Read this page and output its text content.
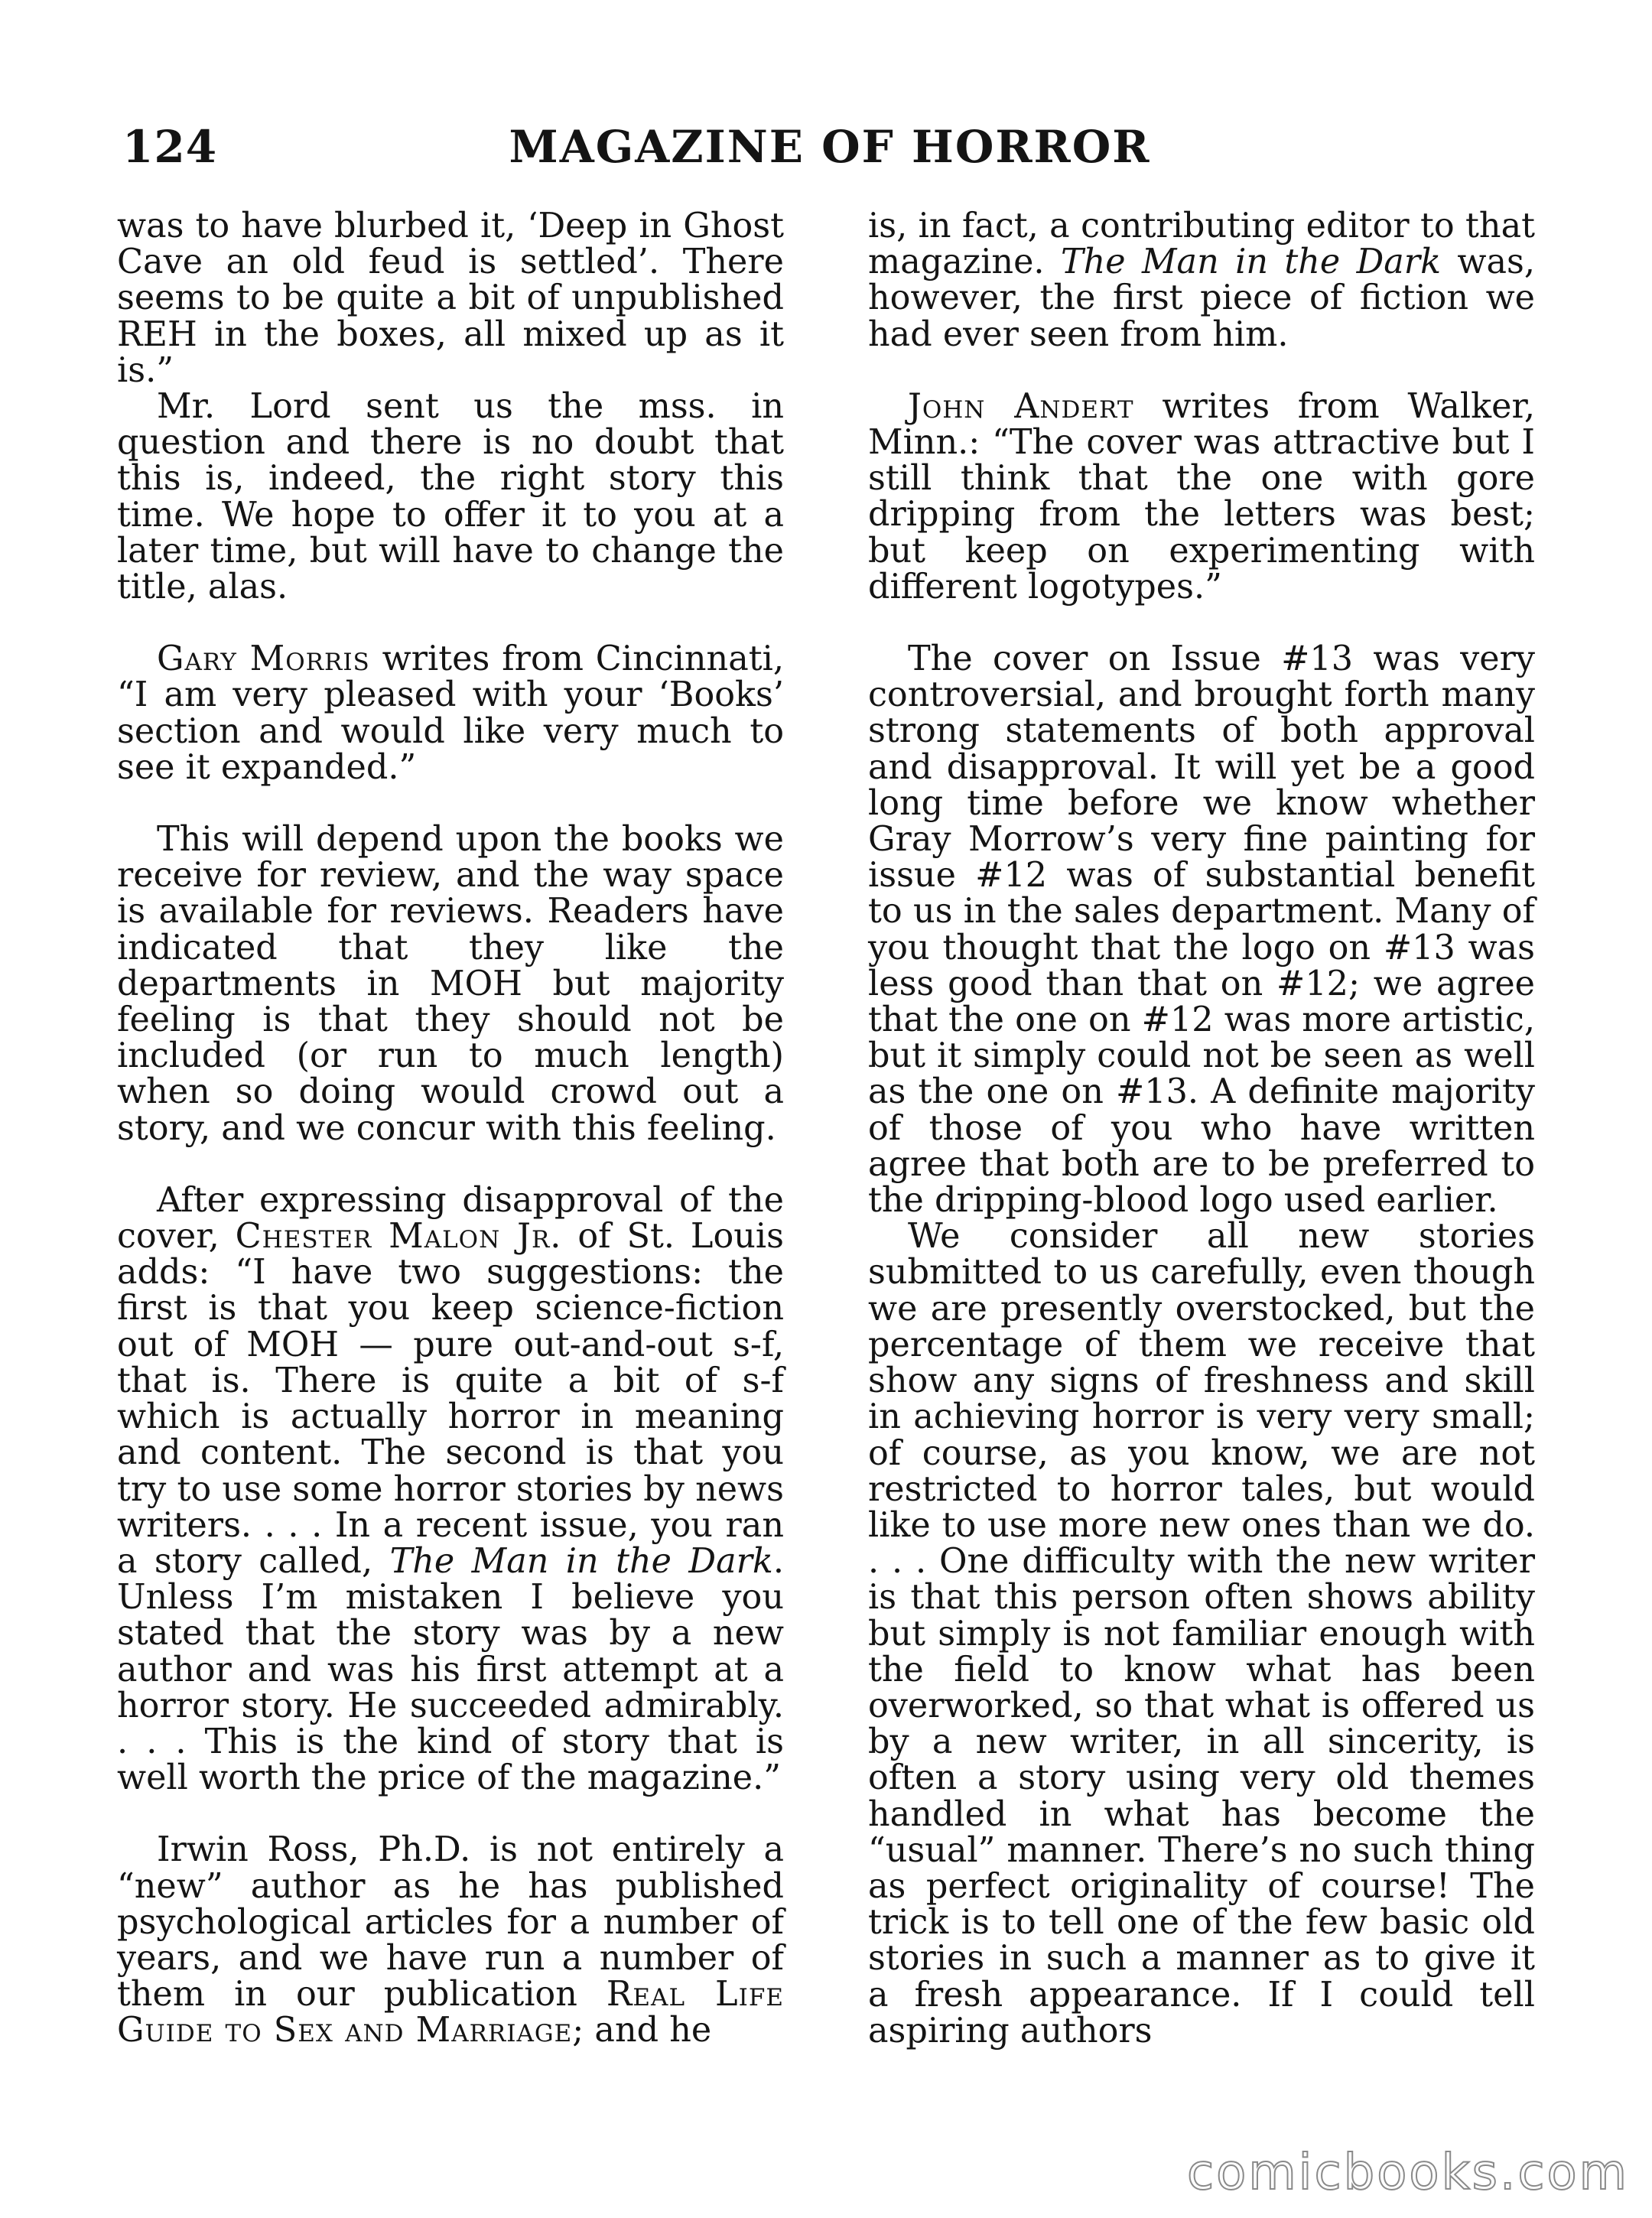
124	MAGAZINE OF HORROR

was to have blurbed it, ‘Deep in Ghost Cave an old feud is settled’. There seems to be quite a bit of unpublished REH in the boxes, all mixed up as it is.”

Mr. Lord sent us the mss. in question and there is no doubt that this is, indeed, the right story this time. We hope to offer it to you at a later time, but will have to change the title, alas.

Gary Morris writes from Cincinnati, “I am very pleased with your ‘Books’ section and would like very much to see it expanded.”

This will depend upon the books we receive for review, and the way space is available for reviews. Readers have indicated that they like the departments in MOH but majority feeling is that they should not be included (or run to much length) when so doing would crowd out a story, and we concur with this feeling.

After expressing disapproval of the cover, Chester Malon Jr. of St. Louis adds: “I have two suggestions: the first is that you keep science-fiction out of MOH — pure out-and-out s-f, that is. There is quite a bit of s-f which is actually horror in meaning and content. The second is that you try to use some horror stories by news writers. . . . In a recent issue, you ran a story called, The Man in the Dark. Unless I’m mistaken I believe you stated that the story was by a new author and was his first attempt at a horror story. He succeeded admirably. . . . This is the kind of story that is well worth the price of the magazine.”

Irwin Ross, Ph.D. is not entirely a “new” author as he has published psychological articles for a number of years, and we have run a number of them in our publication Real Life Guide to Sex and Marriage; and he

is, in fact, a contributing editor to that magazine. The Man in the Dark was, however, the first piece of fiction we had ever seen from him.

John Andert writes from Walker, Minn.: “The cover was attractive but I still think that the one with gore dripping from the letters was best; but keep on experimenting with different logotypes.”

The cover on Issue #13 was very controversial, and brought forth many strong statements of both approval and disapproval. It will yet be a good long time before we know whether Gray Morrow’s very fine painting for issue #12 was of substantial benefit to us in the sales department. Many of you thought that the logo on #13 was less good than that on #12; we agree that the one on #12 was more artistic, but it simply could not be seen as well as the one on #13. A definite majority of those of you who have written agree that both are to be preferred to the dripping-blood logo used earlier.

We consider all new stories submitted to us carefully, even though we are presently overstocked, but the percentage of them we receive that show any signs of freshness and skill in achieving horror is very very small; of course, as you know, we are not restricted to horror tales, but would like to use more new ones than we do. . . . One difficulty with the new writer is that this person often shows ability but simply is not familiar enough with the field to know what has been overworked, so that what is offered us by a new writer, in all sincerity, is often a story using very old themes handled in what has become the “usual” manner. There’s no such thing as perfect originality of course! The trick is to tell one of the few basic old stories in such a manner as to give it a fresh appearance. If I could tell aspiring authors

comicbooks.com
